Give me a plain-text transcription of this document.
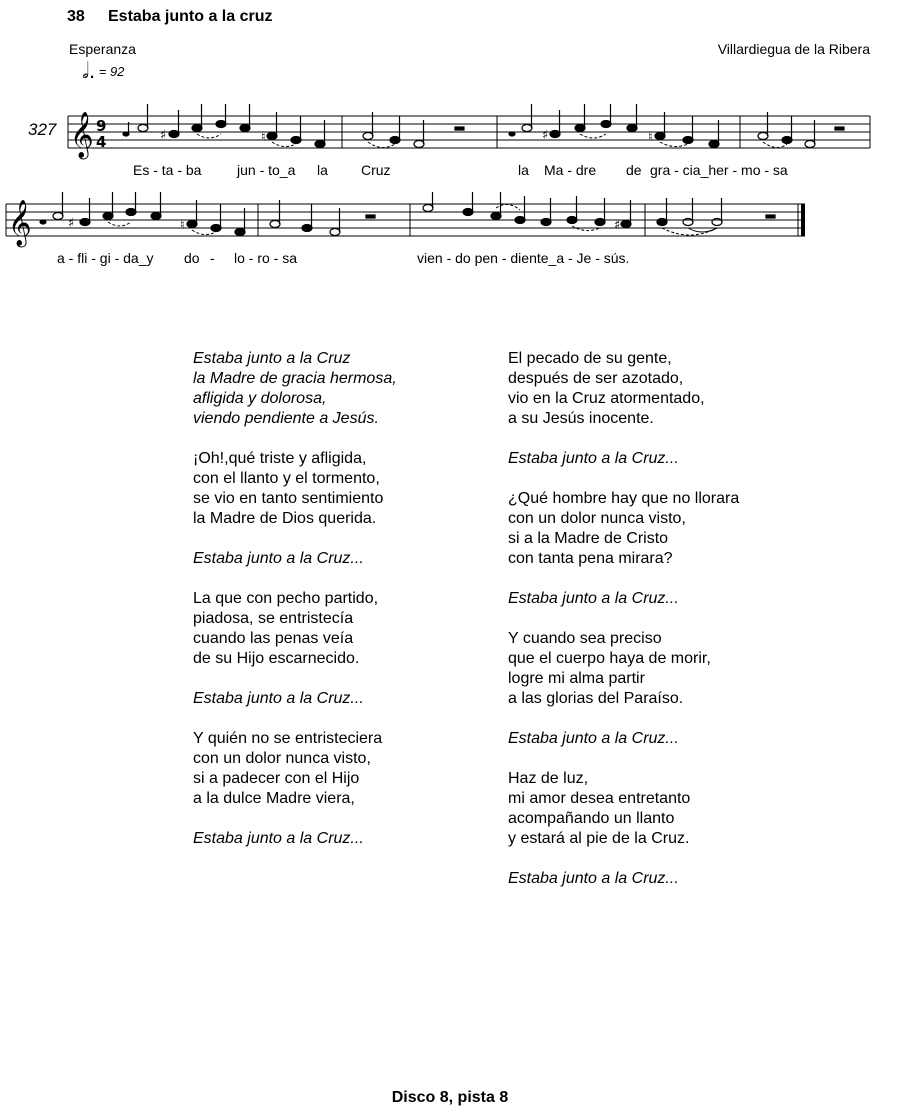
38 Estaba junto a la cruz
Esperanza	Villardiegua de la Ribera
𝅗𝅥. = 92
327 𝄞 9
4	♯	♮	♯	♮
Es - ta - ba	jun - to_a la Cruz	la Ma - dre de gra - cia_her - mo - sa
𝄞	♯	♮	♯
a - fli - gi - da_y do - lo - ro - sa	vien - do pen - diente_a - Je - sús.
Estaba junto a la Cruz
la Madre de gracia hermosa,
afligida y dolorosa,
viendo pendiente a Jesús.
¡Oh!,qué triste y afligida,
con el llanto y el tormento,
se vio en tanto sentimiento
la Madre de Dios querida.
Estaba junto a la Cruz...
La que con pecho partido,
piadosa, se entristecía
cuando las penas veía
de su Hijo escarnecido.
Estaba junto a la Cruz...
Y quién no se entristeciera
con un dolor nunca visto,
si a padecer con el Hijo
a la dulce Madre viera,
Estaba junto a la Cruz...
El pecado de su gente,
después de ser azotado,
vio en la Cruz atormentado,
a su Jesús inocente.
Estaba junto a la Cruz...
¿Qué hombre hay que no llorara
con un dolor nunca visto,
si a la Madre de Cristo
con tanta pena mirara?
Estaba junto a la Cruz...
Y cuando sea preciso
que el cuerpo haya de morir,
logre mi alma partir
a las glorias del Paraíso.
Estaba junto a la Cruz...
Haz de luz,
mi amor desea entretanto
acompañando un llanto
y estará al pie de la Cruz.
Estaba junto a la Cruz...
Disco 8, pista 8
